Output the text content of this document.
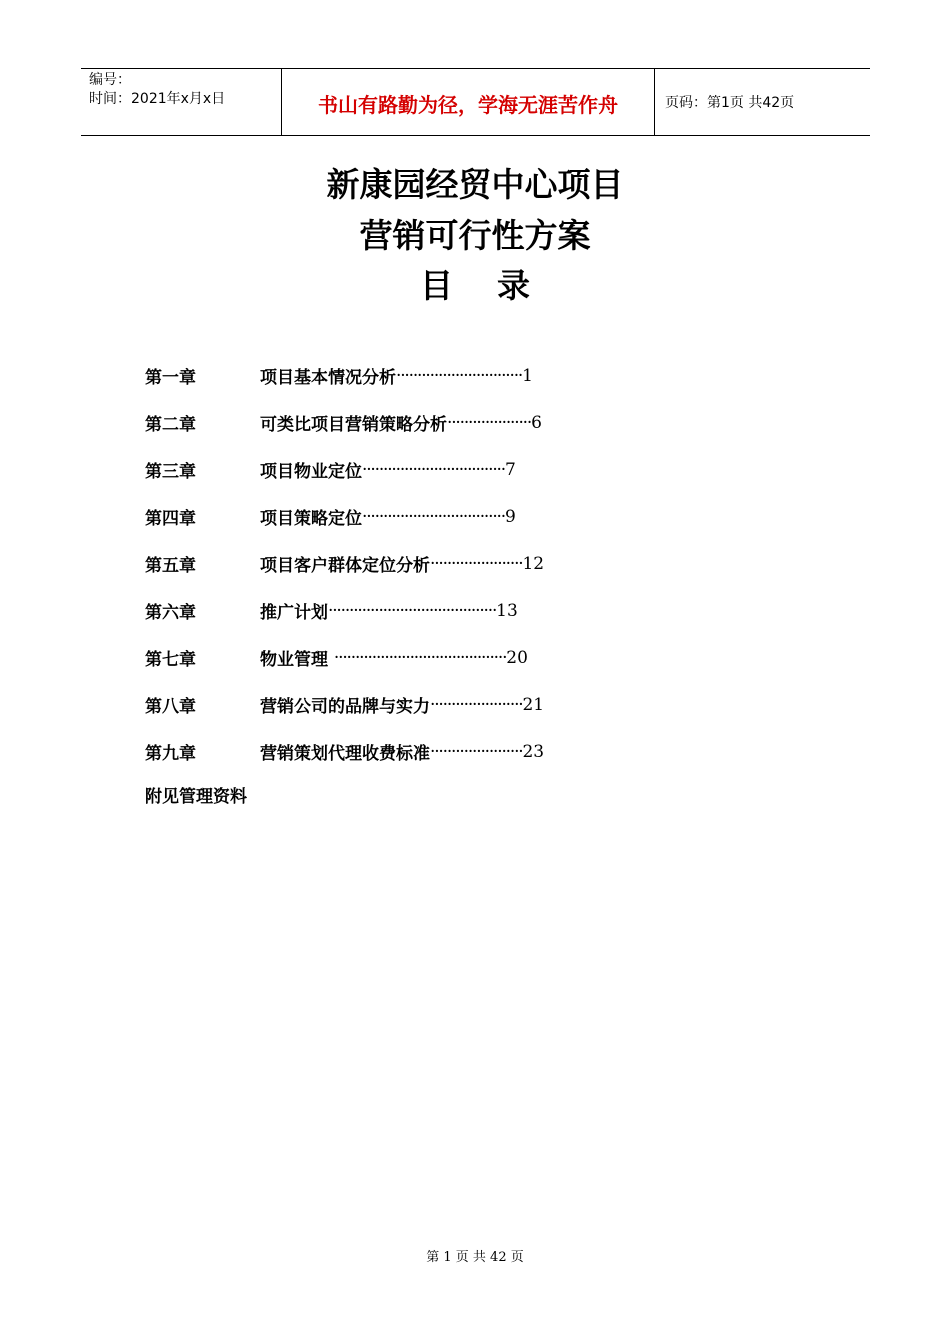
编号：
时间：2021年x月x日	书山有路勤为径，学海无涯苦作舟	页码：第1页 共42页
新康园经贸中心项目
营销可行性方案
目录
第一章	项目基本情况分析 ······························ 1
第二章	可类比项目营销策略分析 ···················· 6
第三章	项目物业定位 ·································· 7
第四章	项目策略定位 ·································· 9
第五章	项目客户群体定位分析 ······················ 12
第六章	推广计划 ········································ 13
第七章	物业管理 ········································· 20
第八章	营销公司的品牌与实力 ······················ 21
第九章	营销策划代理收费标准 ······················ 23
附见管理资料
第 1 页 共 42 页
